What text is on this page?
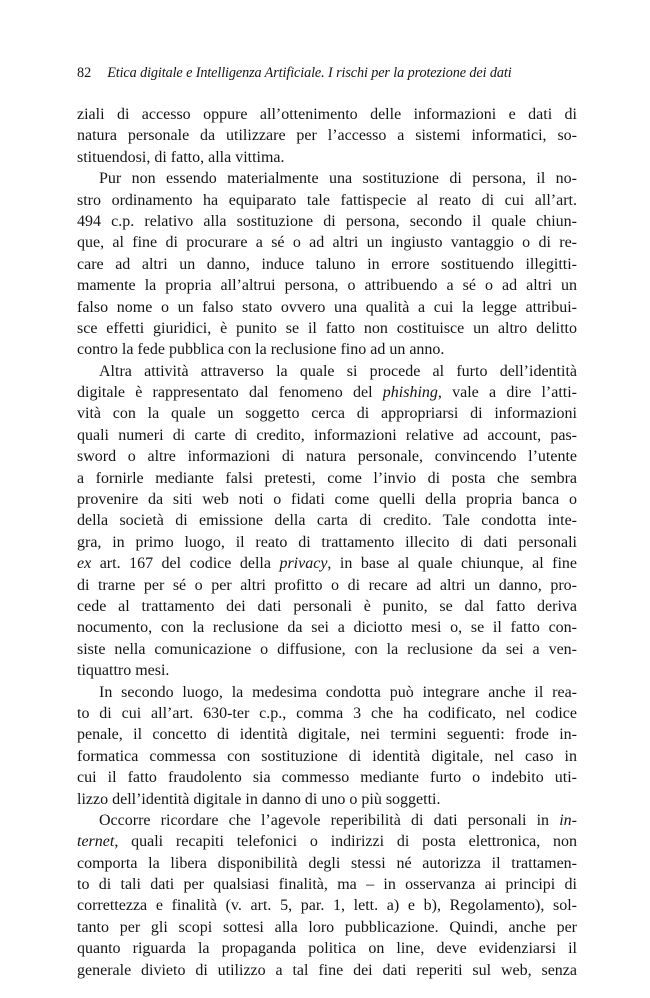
82 Etica digitale e Intelligenza Artificiale. I rischi per la protezione dei dati
ziali di accesso oppure all’ottenimento delle informazioni e dati di
natura personale da utilizzare per l’accesso a sistemi informatici, so-
stituendosi, di fatto, alla vittima.
Pur non essendo materialmente una sostituzione di persona, il no-
stro ordinamento ha equiparato tale fattispecie al reato di cui all’art.
494 c.p. relativo alla sostituzione di persona, secondo il quale chiun-
que, al fine di procurare a sé o ad altri un ingiusto vantaggio o di re-
care ad altri un danno, induce taluno in errore sostituendo illegitti-
mamente la propria all’altrui persona, o attribuendo a sé o ad altri un
falso nome o un falso stato ovvero una qualità a cui la legge attribui-
sce effetti giuridici, è punito se il fatto non costituisce un altro delitto
contro la fede pubblica con la reclusione fino ad un anno.
Altra attività attraverso la quale si procede al furto dell’identità
digitale è rappresentato dal fenomeno del phishing, vale a dire l’atti-
vità con la quale un soggetto cerca di appropriarsi di informazioni
quali numeri di carte di credito, informazioni relative ad account, pas-
sword o altre informazioni di natura personale, convincendo l’utente
a fornirle mediante falsi pretesti, come l’invio di posta che sembra
provenire da siti web noti o fidati come quelli della propria banca o
della società di emissione della carta di credito. Tale condotta inte-
gra, in primo luogo, il reato di trattamento illecito di dati personali
ex art. 167 del codice della privacy, in base al quale chiunque, al fine
di trarne per sé o per altri profitto o di recare ad altri un danno, pro-
cede al trattamento dei dati personali è punito, se dal fatto deriva
nocumento, con la reclusione da sei a diciotto mesi o, se il fatto con-
siste nella comunicazione o diffusione, con la reclusione da sei a ven-
tiquattro mesi.
In secondo luogo, la medesima condotta può integrare anche il rea-
to di cui all’art. 630-ter c.p., comma 3 che ha codificato, nel codice
penale, il concetto di identità digitale, nei termini seguenti: frode in-
formatica commessa con sostituzione di identità digitale, nel caso in
cui il fatto fraudolento sia commesso mediante furto o indebito uti-
lizzo dell’identità digitale in danno di uno o più soggetti.
Occorre ricordare che l’agevole reperibilità di dati personali in in-
ternet, quali recapiti telefonici o indirizzi di posta elettronica, non
comporta la libera disponibilità degli stessi né autorizza il trattamen-
to di tali dati per qualsiasi finalità, ma – in osservanza ai principi di
correttezza e finalità (v. art. 5, par. 1, lett. a) e b), Regolamento), sol-
tanto per gli scopi sottesi alla loro pubblicazione. Quindi, anche per
quanto riguarda la propaganda politica on line, deve evidenziarsi il
generale divieto di utilizzo a tal fine dei dati reperiti sul web, senza
